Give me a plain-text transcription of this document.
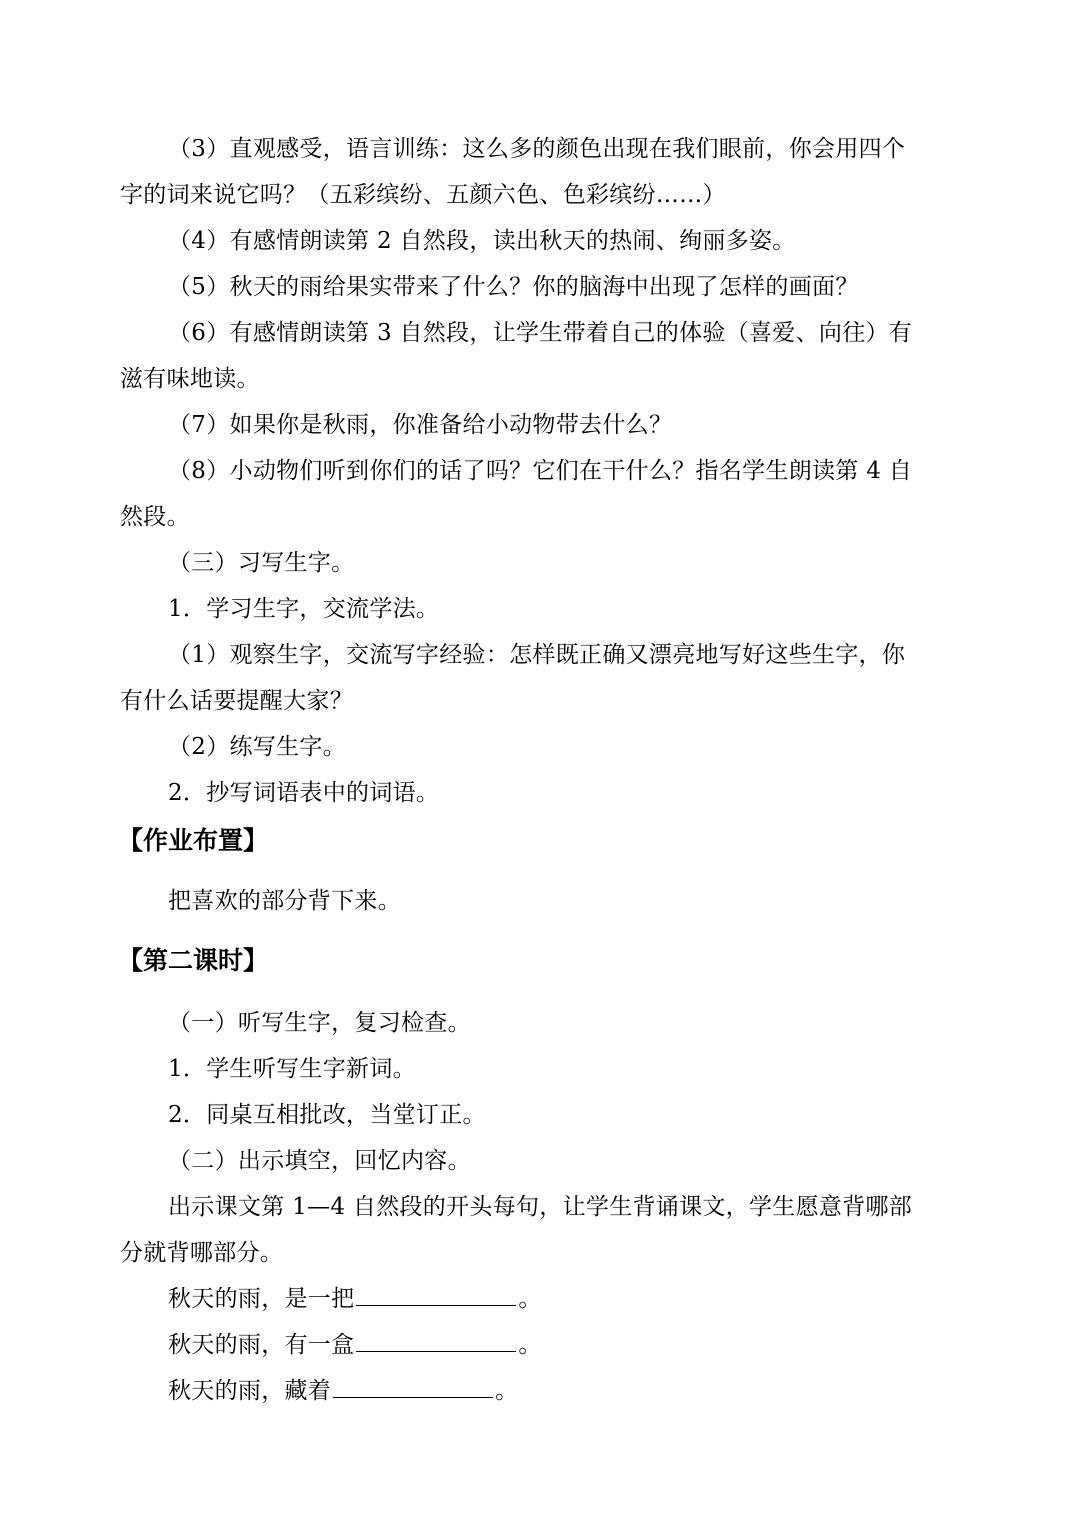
（3）直观感受，语言训练：这么多的颜色出现在我们眼前，你会用四个
字的词来说它吗？（五彩缤纷、五颜六色、色彩缤纷……）
（4）有感情朗读第 2 自然段，读出秋天的热闹、绚丽多姿。
（5）秋天的雨给果实带来了什么？你的脑海中出现了怎样的画面？
（6）有感情朗读第 3 自然段，让学生带着自己的体验（喜爱、向往）有
滋有味地读。
（7）如果你是秋雨，你准备给小动物带去什么？
（8）小动物们听到你们的话了吗？它们在干什么？指名学生朗读第 4 自
然段。
（三）习写生字。
1．学习生字，交流学法。
（1）观察生字，交流写字经验：怎样既正确又漂亮地写好这些生字，你
有什么话要提醒大家？
（2）练写生字。
2．抄写词语表中的词语。
【作业布置】
把喜欢的部分背下来。
【第二课时】
（一）听写生字，复习检查。
1．学生听写生字新词。
2．同桌互相批改，当堂订正。
（二）出示填空，回忆内容。
出示课文第 1—4 自然段的开头每句，让学生背诵课文，学生愿意背哪部
分就背哪部分。
秋天的雨，是一把	。
秋天的雨，有一盒	。
秋天的雨，藏着	。
